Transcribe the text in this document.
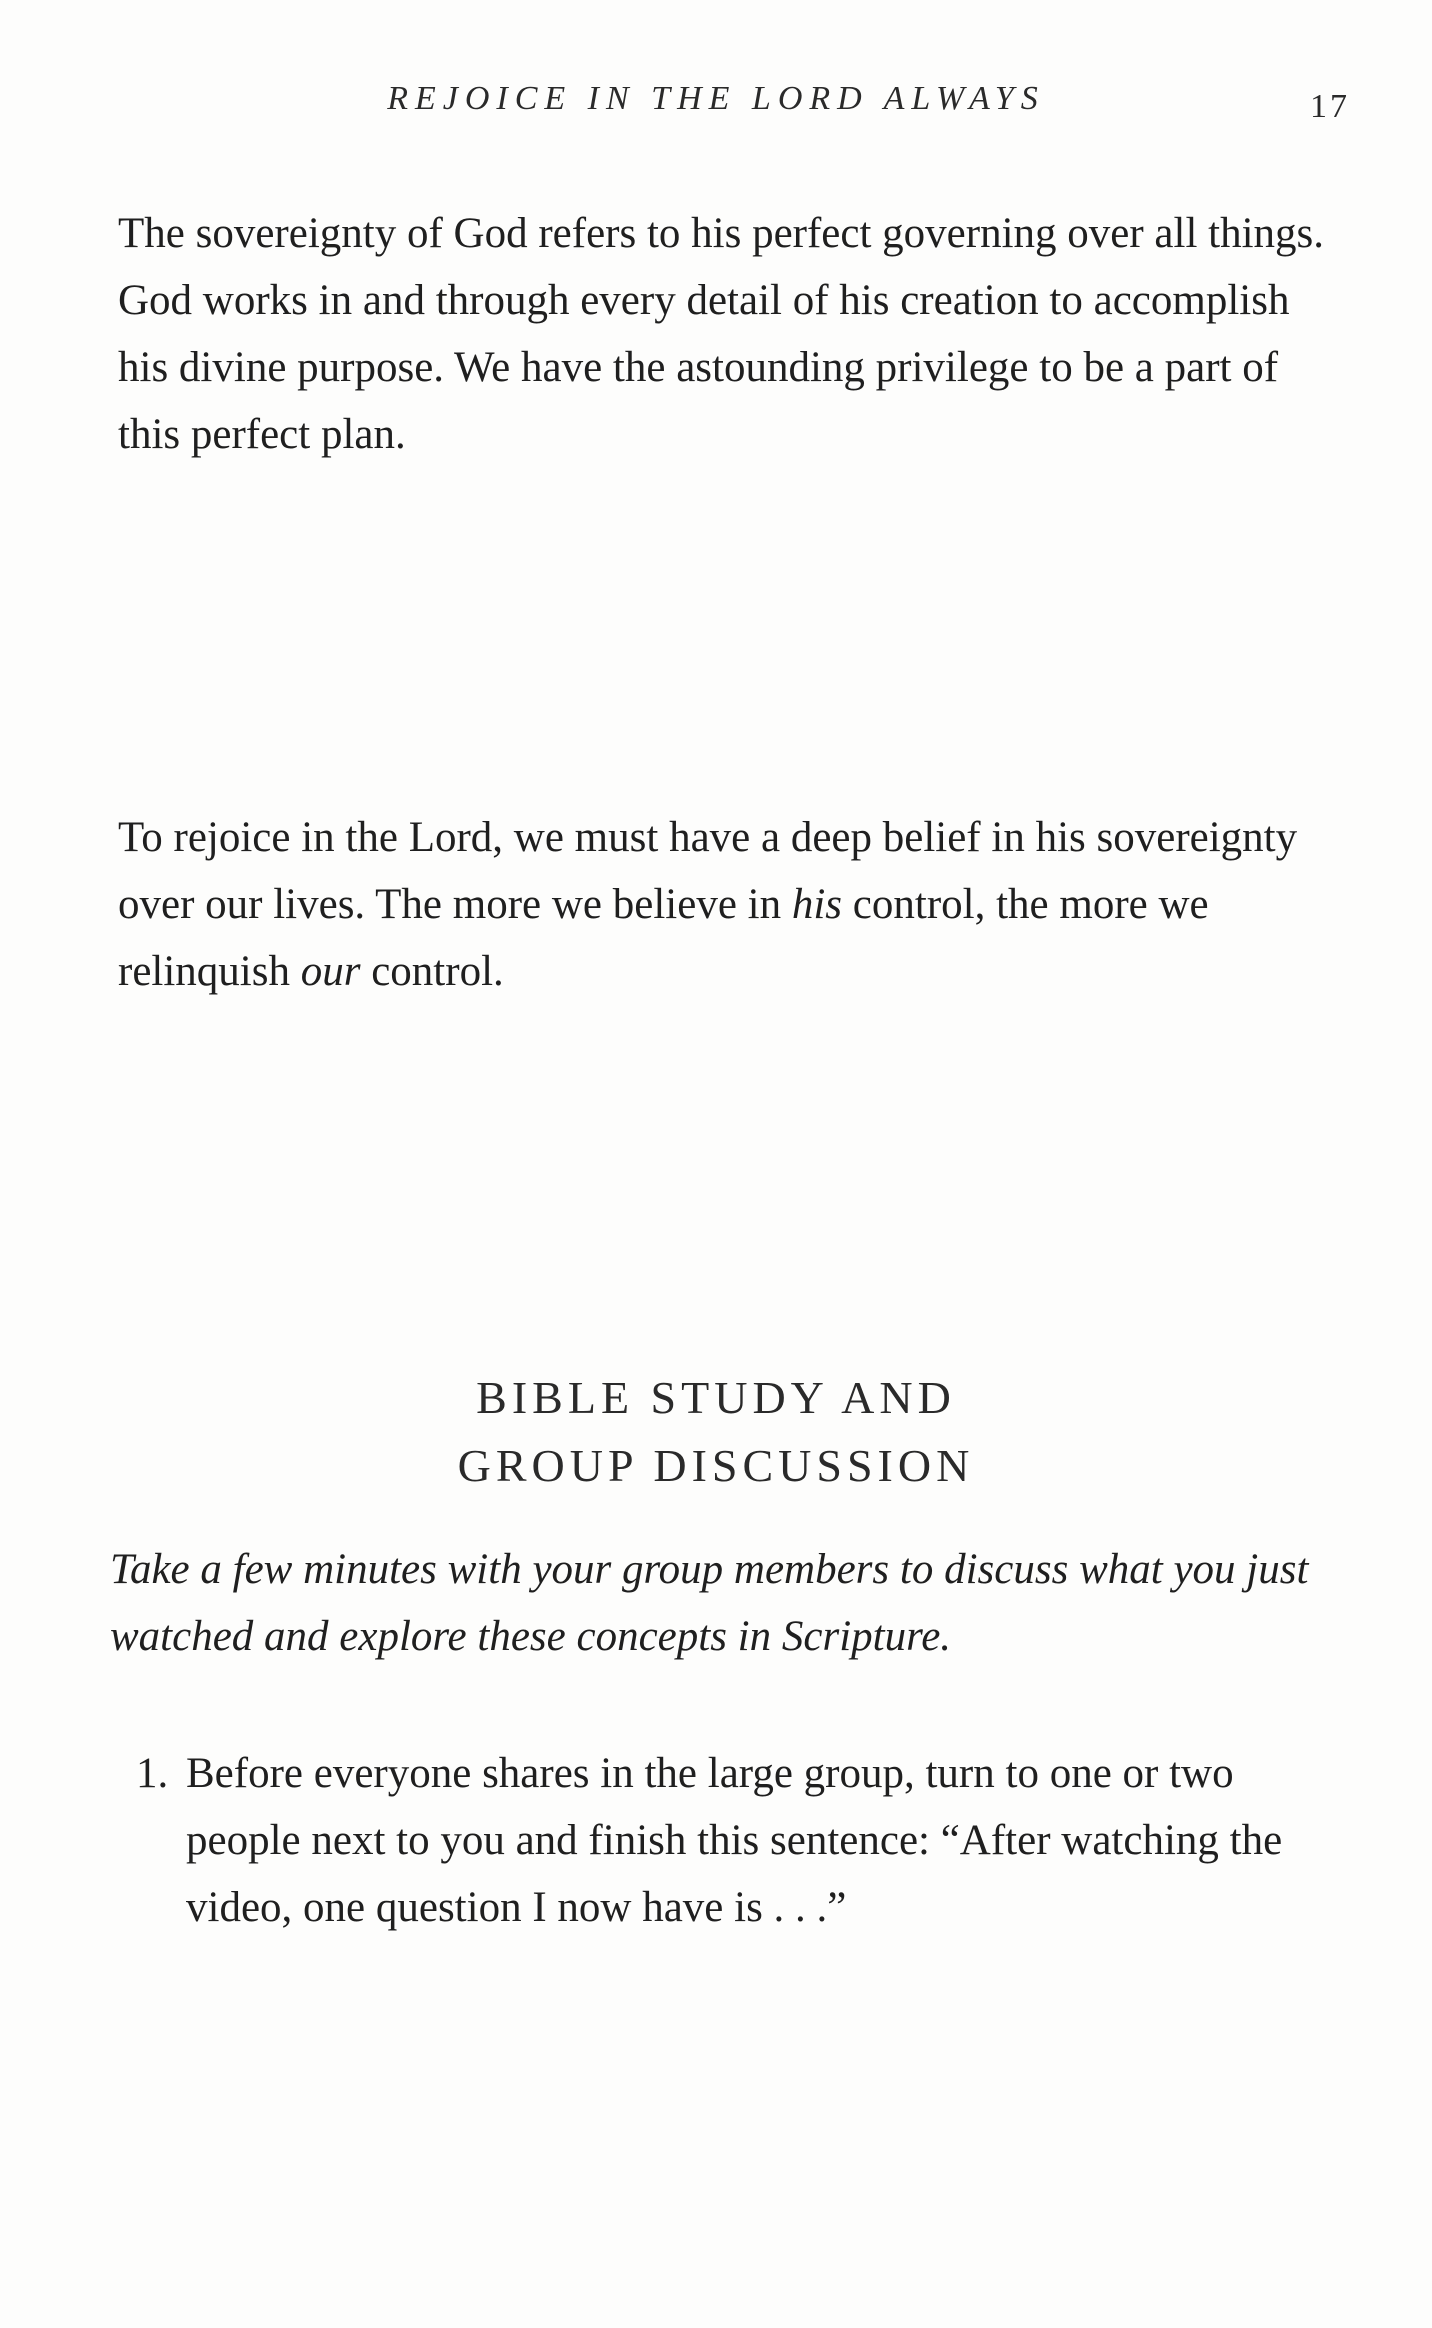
REJOICE IN THE LORD ALWAYS	17

The sovereignty of God refers to his perfect governing over all things. God works in and through every detail of his creation to accomplish his divine purpose. We have the astounding privilege to be a part of this perfect plan.

To rejoice in the Lord, we must have a deep belief in his sovereignty over our lives. The more we believe in his control, the more we relinquish our control.

BIBLE STUDY AND
GROUP DISCUSSION

Take a few minutes with your group members to discuss what you just watched and explore these concepts in Scripture.

1. Before everyone shares in the large group, turn to one or two people next to you and finish this sentence: “After watching the video, one question I now have is . . .”
